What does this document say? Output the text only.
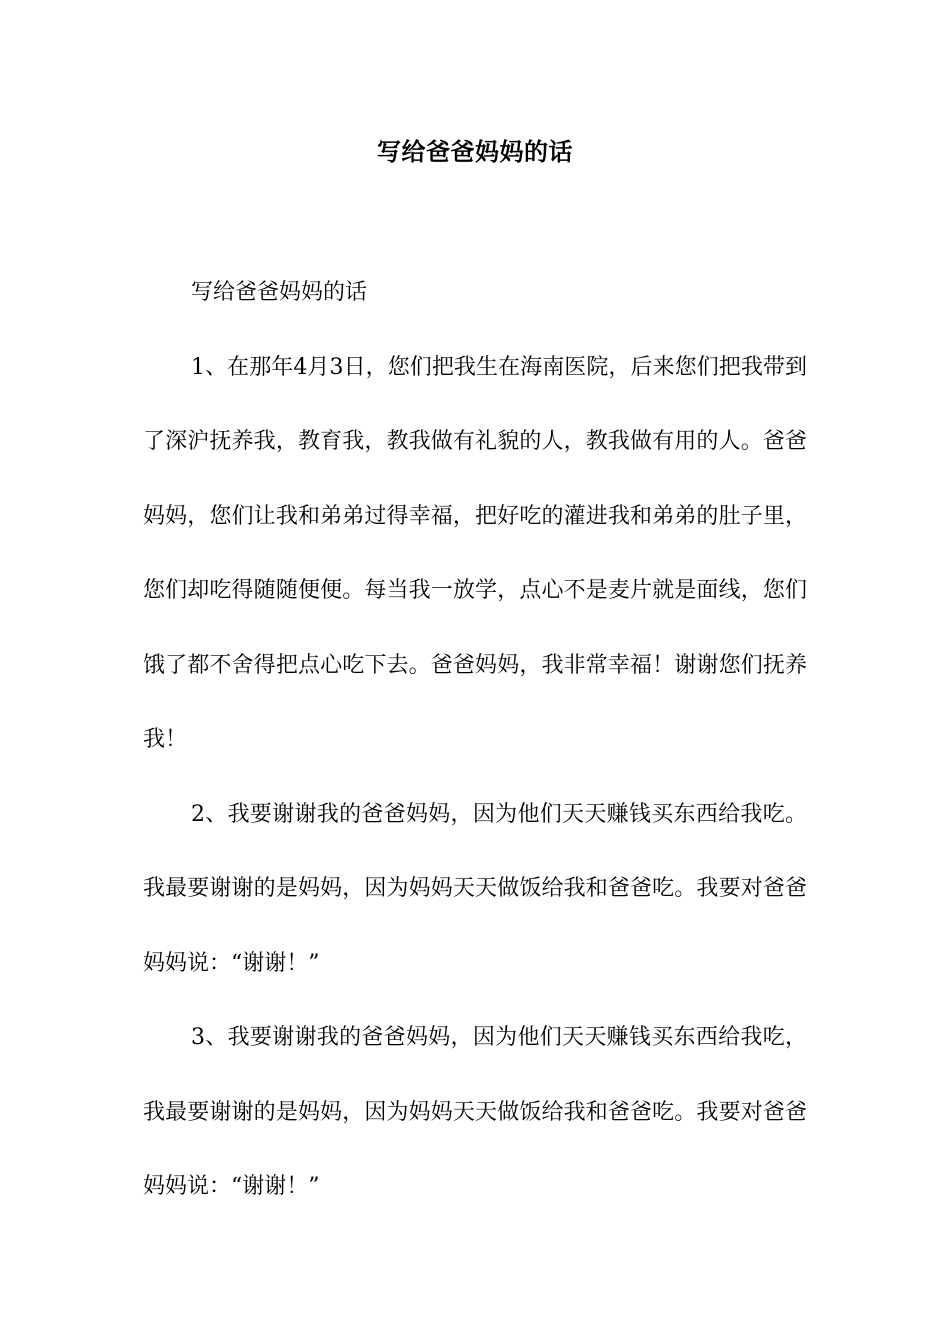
写给爸爸妈妈的话

写给爸爸妈妈的话

1、在那年4月3日，您们把我生在海南医院，后来您们把我带到了深沪抚养我，教育我，教我做有礼貌的人，教我做有用的人。爸爸妈妈，您们让我和弟弟过得幸福，把好吃的灌进我和弟弟的肚子里，您们却吃得随随便便。每当我一放学，点心不是麦片就是面线，您们饿了都不舍得把点心吃下去。爸爸妈妈，我非常幸福！谢谢您们抚养我！

2、我要谢谢我的爸爸妈妈，因为他们天天赚钱买东西给我吃。我最要谢谢的是妈妈，因为妈妈天天做饭给我和爸爸吃。我要对爸爸妈妈说：“谢谢！”

3、我要谢谢我的爸爸妈妈，因为他们天天赚钱买东西给我吃，我最要谢谢的是妈妈，因为妈妈天天做饭给我和爸爸吃。我要对爸爸妈妈说：“谢谢！”
